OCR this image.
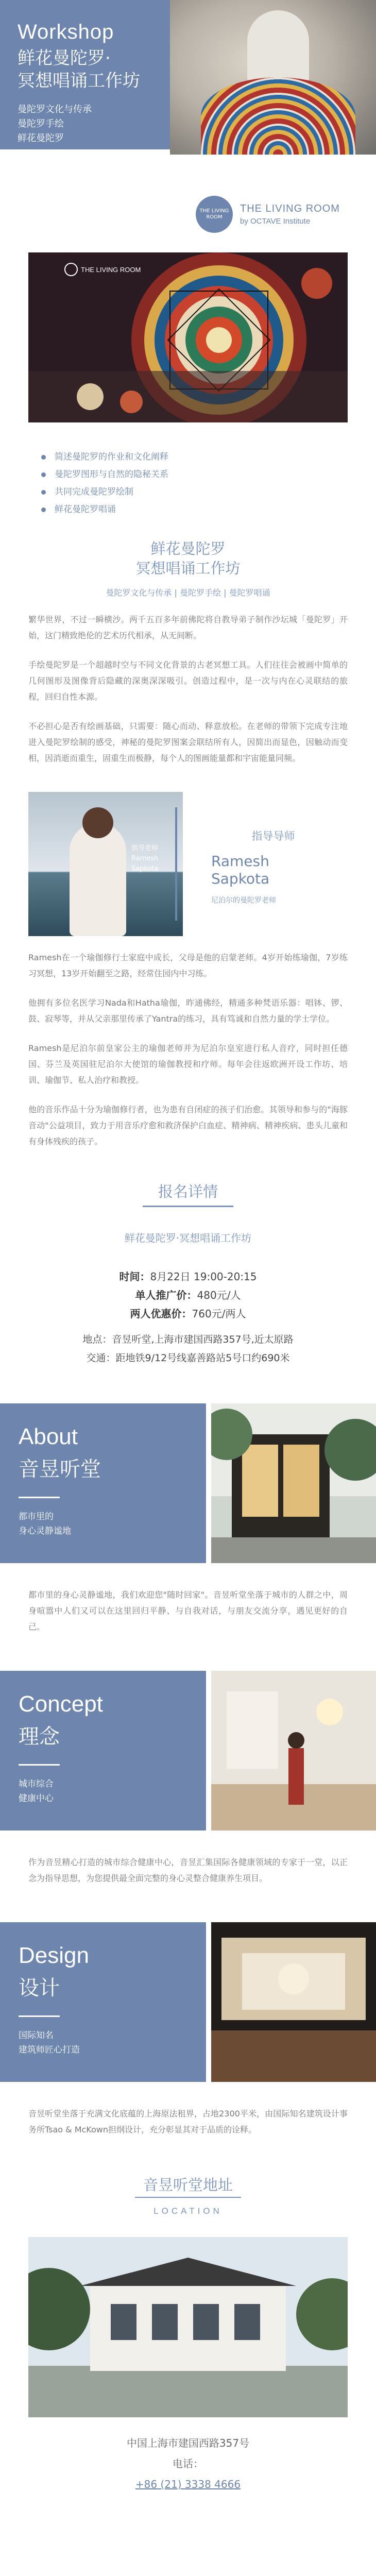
Workshop
鲜花曼陀罗·
冥想唱诵工作坊
曼陀罗文化与传承
曼陀罗手绘
鲜花曼陀罗
THE LIVING ROOM
THE LIVING ROOM
by OCTAVE Institute
THE LIVING ROOM
简述曼陀罗的作业和文化阐释
曼陀罗图形与自然的隐秘关系
共同完成曼陀罗绘制
鲜花曼陀罗唱诵
鲜花曼陀罗
冥想唱诵工作坊
曼陀罗文化与传承 | 曼陀罗手绘 | 曼陀罗唱诵

繁华世界，不过一瞬横沙。两千五百多年前佛陀将自教导弟子制作沙坛城「曼陀罗」开始，这门精致绝伦的艺术历代相承，从无间断。

手绘曼陀罗是一个超越时空与不同文化背景的古老冥想工具。人们往往会被画中简单的几何图形及图像背后隐藏的深奥深深吸引。创造过程中，是一次与内在心灵联结的旅程，回归自性本源。

不必担心是否有绘画基础，只需要：随心而动、释意放松。在老师的带领下完成专注地进入曼陀罗绘制的感受，神秘的曼陀罗图案会联结所有人，因简出而显色，因触动而变相，因消逝而重生，固重生而极静，每个人的图画能量都和宇宙能量同频。

指导老师
Ramesh Sapkota
指导导师
Ramesh
Sapkota
尼泊尔的曼陀罗老师

Ramesh在一个瑜伽修行士家庭中成长，父母是他的启蒙老师。4岁开始练瑜伽，7岁练习冥想，13岁开始翻至之路，经常住园内中习练。

他拥有多位名医学习Nada和Hatha瑜伽，昨通佛经，精通多种梵语乐器：唱钵、锣、鼓、寂琴等，并从父亲那里传承了Yantra的练习，具有笃诚和自然力量的学士学位。

Ramesh是尼泊尔前皇家公主的瑜伽老师并为尼泊尔皇室进行私人音疗，同时担任德国、芬兰及英国驻尼泊尔大使馆的瑜伽教授和疗师。每年会往返欧洲开设工作坊、培训、瑜伽节、私人治疗和教授。

他的音乐作品十分为瑜伽修行者，也为患有自闭症的孩子们治愈。其领导和参与的"海豚音动"公益项目，致力于用音乐疗愈和救济保护白血症、精神病、精神疾病、患头儿童和有身体残疾的孩子。

报名详情
鲜花曼陀罗·冥想唱诵工作坊
时间：8月22日 19:00-20:15
单人推广价：480元/人
两人优惠价：760元/两人
地点：音昱听堂,上海市建国西路357号,近太原路
交通：距地铁9/12号线嘉善路站5号口约690米
About
音昱听堂
都市里的
身心灵静谧地

都市里的身心灵静谧地，我们欢迎您"随时回家"。音昱听堂坐落于城市的人群之中，周身喧嚣中人们又可以在这里回归平静、与自我对话，与朋友交流分享，遇见更好的自己。

Concept
理念
城市综合
健康中心

作为音昱精心打造的城市综合健康中心，音昱汇集国际各健康领域的专家于一堂，以正念为指导思想，为您提供最全面完整的身心灵整合健康养生项目。

Design
设计
国际知名
建筑师匠心打造

音昱听堂坐落于充满文化底蕴的上海原法租界，占地2300平米，由国际知名建筑设计事务所Tsao & McKown担纲设计，充分彰显其对于品质的诠释。

音昱听堂地址
LOCATION
中国上海市建国西路357号
电话：
+86 (21) 3338 4666
